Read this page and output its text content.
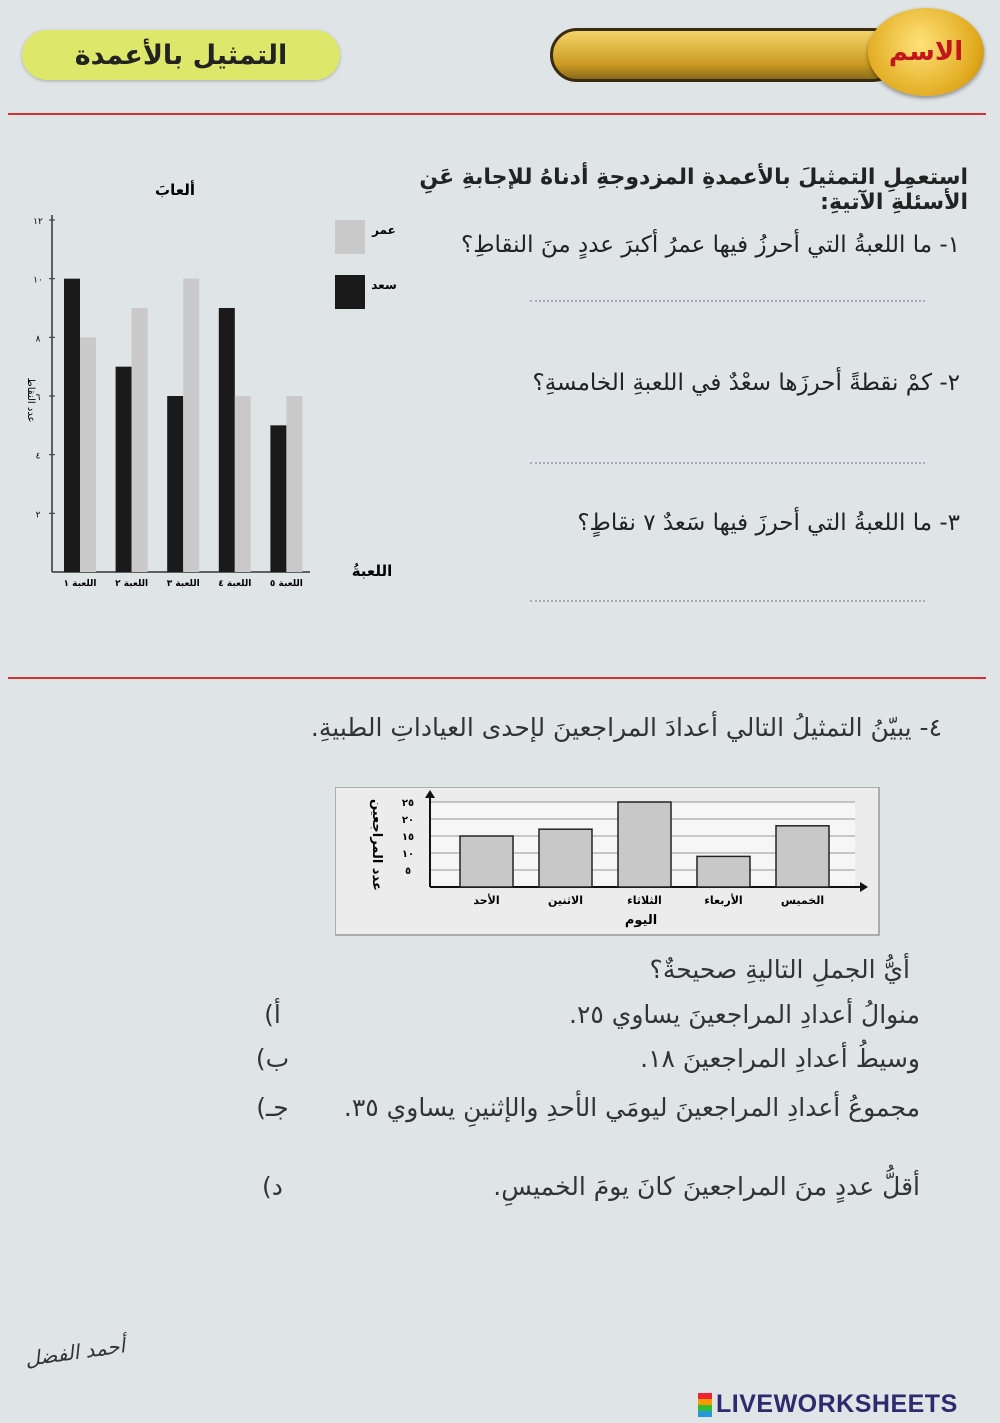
التمثيل بالأعمدة	الاسم
استعمِلِ التمثيلَ بالأعمدةِ المزدوجةِ أدناهُ للإجابةِ عَنِ الأسئلةِ الآتيةِ:
١- ما اللعبةُ التي أحرزُ فيها عمرُ أكبرَ عددٍ منَ النقاطِ؟
٢- كمْ نقطةً أحرزَها سعْدٌ في اللعبةِ الخامسةِ؟
٣- ما اللعبةُ التي أحرزَ فيها سَعدٌ ٧ نقاطٍ؟
ألعابَ
عدد النقاط
اللعبةُ
٢
٤
٦
٨
١٠
١٢
اللعبة ١ اللعبة ٢ اللعبة ٣ اللعبة ٤ اللعبة ٥
عمر
سعد
٤- يبيّنُ التمثيلُ التالي أعدادَ المراجعينَ لإحدى العياداتِ الطبيةِ.
عدد المراجعين
اليوم
٥
١٠
١٥
٢٠
٢٥
الأحد	الاثنين	الثلاثاء	الأربعاء	الخميس
أيُّ الجملِ التاليةِ صحيحةٌ؟
أ)	منوالُ أعدادِ المراجعينَ يساوي ٢٥.
ب)	وسيطُ أعدادِ المراجعينَ ١٨.
جـ)	مجموعُ أعدادِ المراجعينَ ليومَي الأحدِ والإثنينِ يساوي ٣٥.
د)	أقلُّ عددٍ منَ المراجعينَ كانَ يومَ الخميسِ.
أحمد الفضل
LIVEWORKSHEETS
